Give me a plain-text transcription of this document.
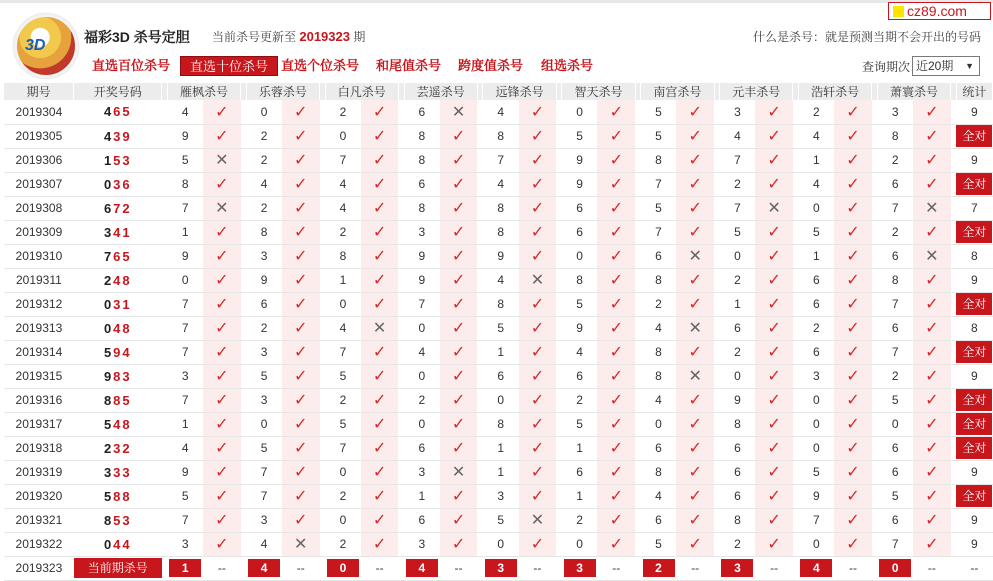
3D	福彩3D 杀号定胆 当前杀号更新至 2019323 期	什么是杀号：就是预测当期不会开出的号码
cz89.com
直选百位杀号	直选十位杀号 直选个位杀号 和尾值杀号 跨度值杀号 组选杀号	查询期次 近20期 ▼
期号	开奖号码		雁枫杀号			乐蓉杀号			白凡杀号			芸遥杀号			远锋杀号			智天杀号			南宫杀号			元丰杀号			浩轩杀号			萧寰杀号			统计
2019304	465		4	✓		0	✓		2	✓		6	✕		4	✓		0	✓		5	✓		3	✓		2	✓		3	✓		9
2019305	439		9	✓		2	✓		0	✓		8	✓		8	✓		5	✓		5	✓		4	✓		4	✓		8	✓		全对
2019306	153		5	✕		2	✓		7	✓		8	✓		7	✓		9	✓		8	✓		7	✓		1	✓		2	✓		9
2019307	036		8	✓		4	✓		4	✓		6	✓		4	✓		9	✓		7	✓		2	✓		4	✓		6	✓		全对
2019308	672		7	✕		2	✓		4	✓		8	✓		8	✓		6	✓		5	✓		7	✕		0	✓		7	✕		7
2019309	341		1	✓		8	✓		2	✓		3	✓		8	✓		6	✓		7	✓		5	✓		5	✓		2	✓		全对
2019310	765		9	✓		3	✓		8	✓		9	✓		9	✓		0	✓		6	✕		0	✓		1	✓		6	✕		8
2019311	248		0	✓		9	✓		1	✓		9	✓		4	✕		8	✓		8	✓		2	✓		6	✓		8	✓		9
2019312	031		7	✓		6	✓		0	✓		7	✓		8	✓		5	✓		2	✓		1	✓		6	✓		7	✓		全对
2019313	048		7	✓		2	✓		4	✕		0	✓		5	✓		9	✓		4	✕		6	✓		2	✓		6	✓		8
2019314	594		7	✓		3	✓		7	✓		4	✓		1	✓		4	✓		8	✓		2	✓		6	✓		7	✓		全对
2019315	983		3	✓		5	✓		5	✓		0	✓		6	✓		6	✓		8	✕		0	✓		3	✓		2	✓		9
2019316	885		7	✓		3	✓		2	✓		2	✓		0	✓		2	✓		4	✓		9	✓		0	✓		5	✓		全对
2019317	548		1	✓		0	✓		5	✓		0	✓		8	✓		5	✓		0	✓		8	✓		0	✓		0	✓		全对
2019318	232		4	✓		5	✓		7	✓		6	✓		1	✓		1	✓		6	✓		6	✓		0	✓		6	✓		全对
2019319	333		9	✓		7	✓		0	✓		3	✕		1	✓		6	✓		8	✓		6	✓		5	✓		6	✓		9
2019320	588		5	✓		7	✓		2	✓		1	✓		3	✓		1	✓		4	✓		6	✓		9	✓		5	✓		全对
2019321	853		7	✓		3	✓		0	✓		6	✓		5	✕		2	✓		6	✓		8	✓		7	✓		6	✓		9
2019322	044		3	✓		4	✕		2	✓		3	✓		0	✓		0	✓		5	✓		2	✓		0	✓		7	✓		9
2019323	当前期杀号		1	--		4	--		0	--		4	--		3	--		3	--		2	--		3	--		4	--		0	--		--
